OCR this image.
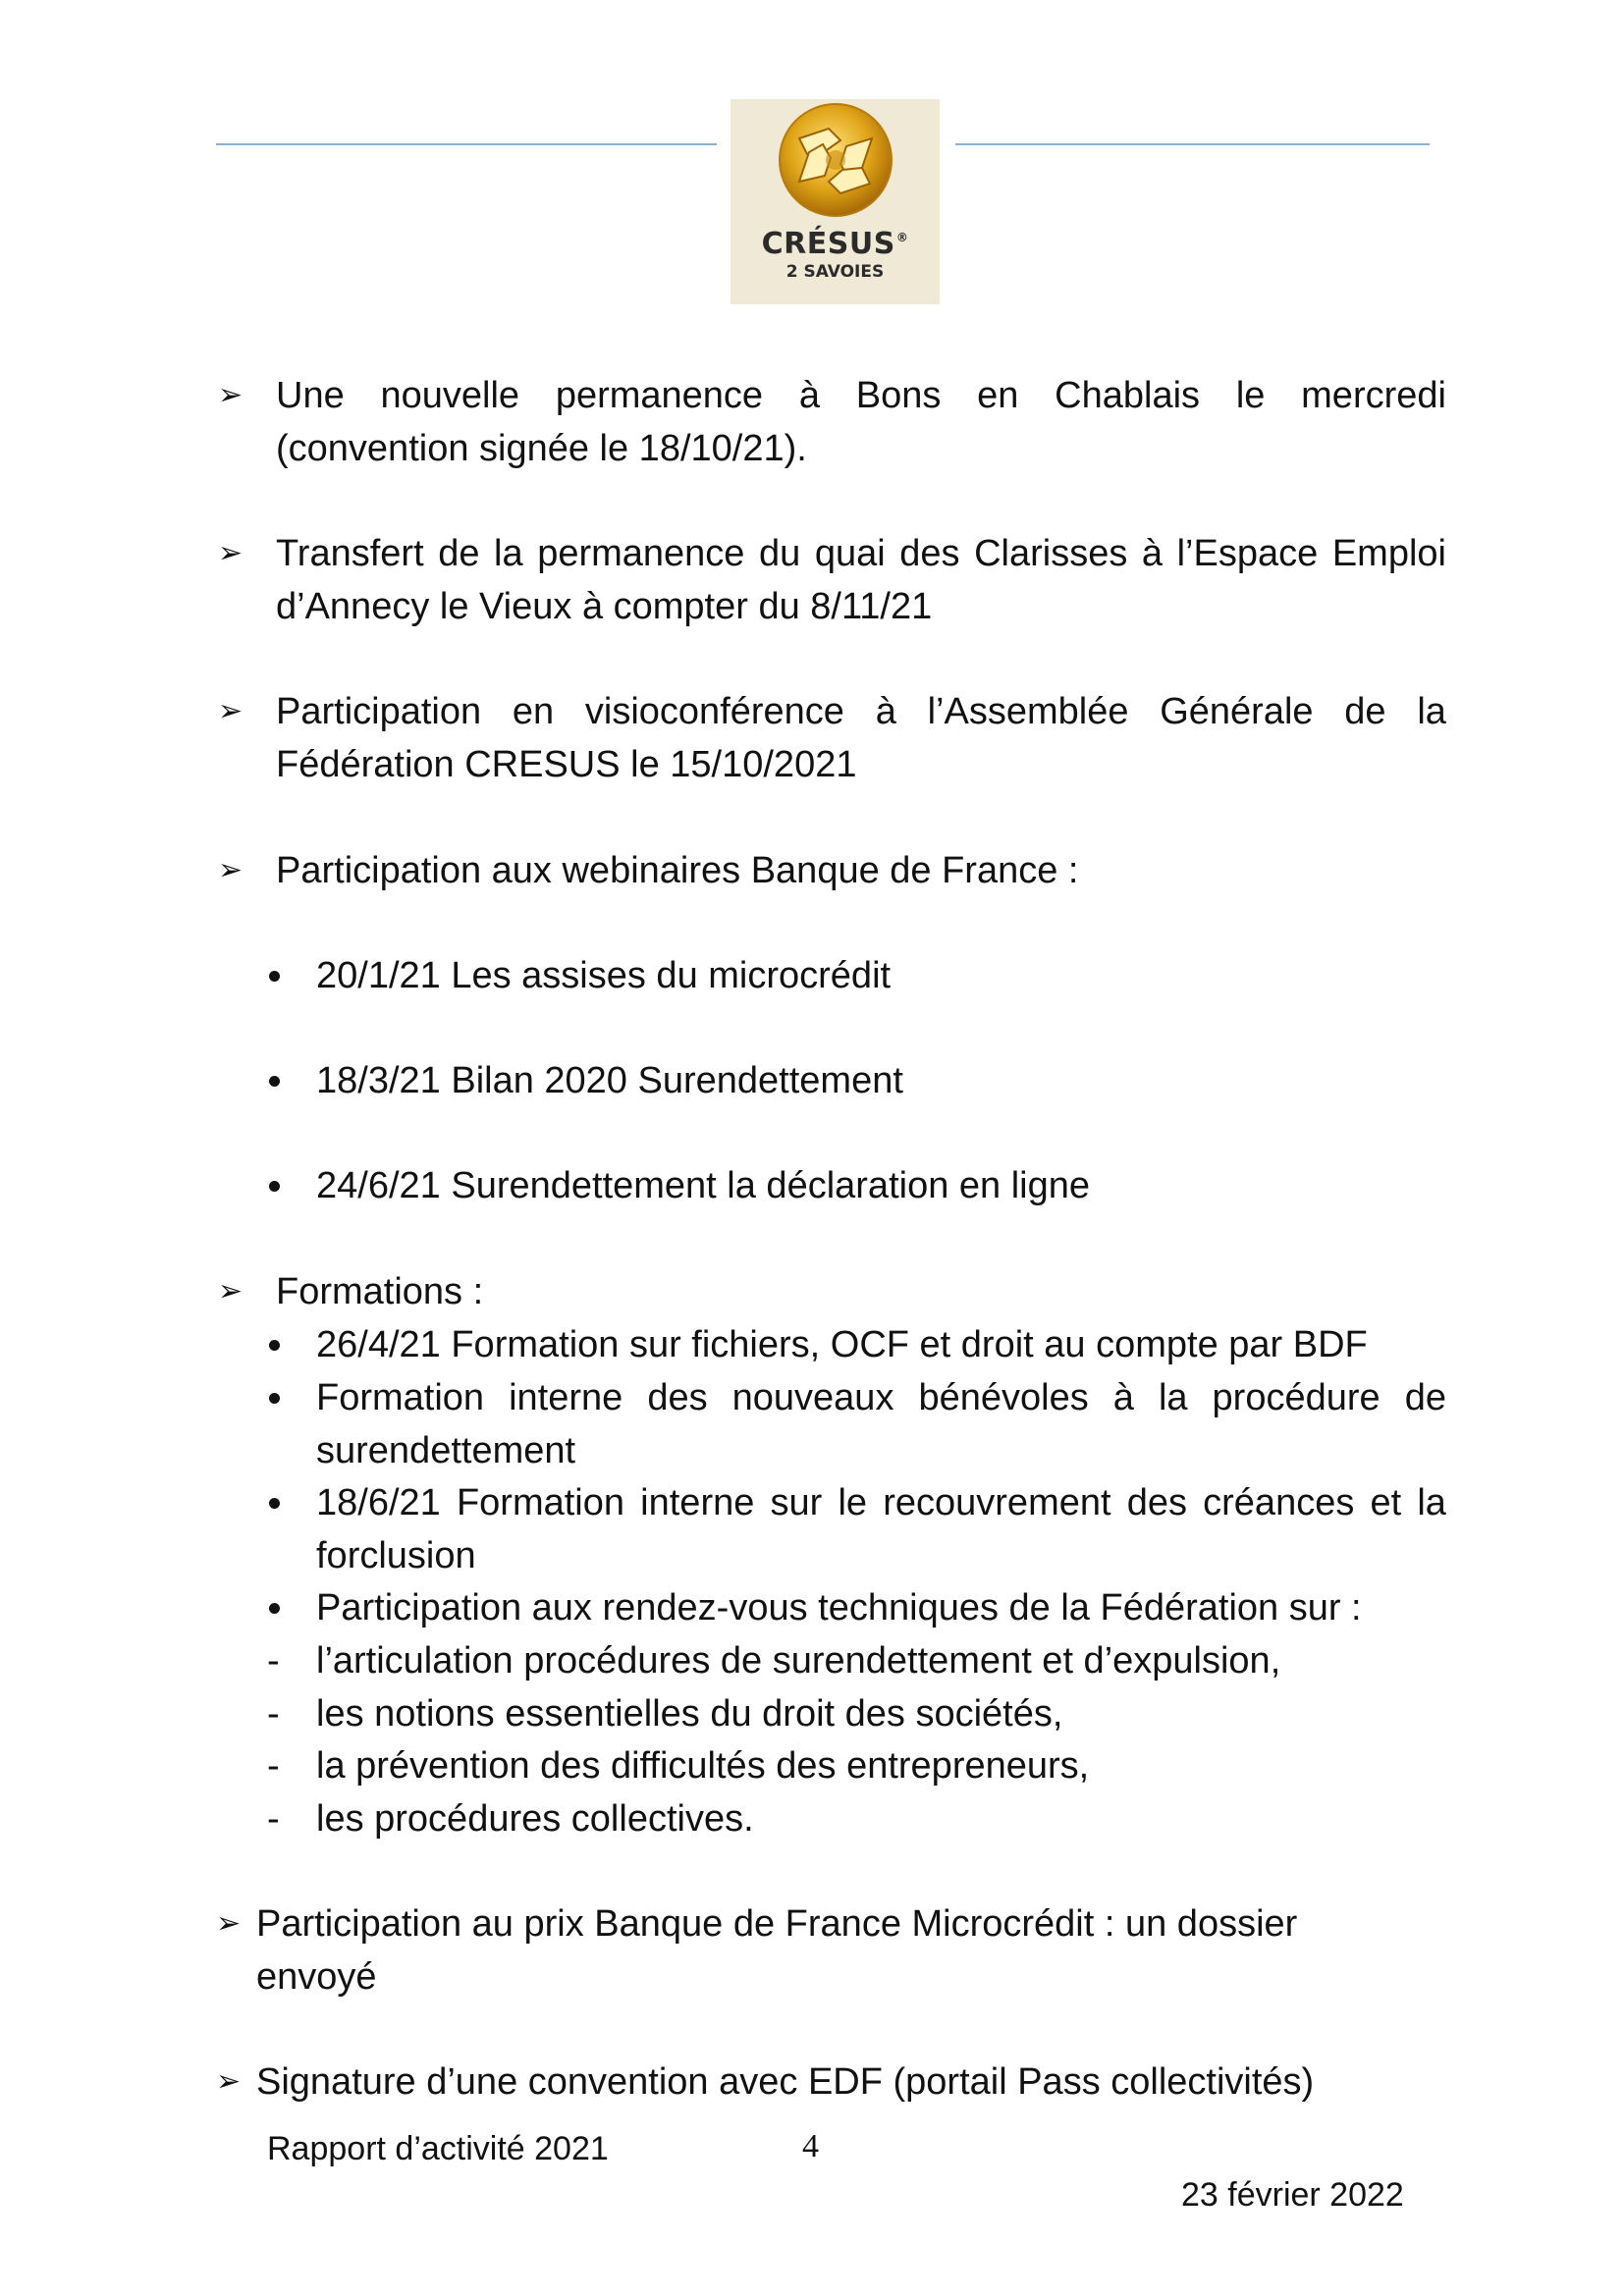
CRÉSUS®
2 SAVOIES
➢ Une nouvelle permanence à Bons en Chablais le mercredi
(convention signée le 18/10/21).
➢ Transfert de la permanence du quai des Clarisses à l’Espace Emploi
d’Annecy le Vieux à compter du 8/11/21
➢ Participation en visioconférence à l’Assemblée Générale de la
Fédération CRESUS le 15/10/2021
➢ Participation aux webinaires Banque de France :
20/1/21 Les assises du microcrédit
18/3/21 Bilan 2020 Surendettement
24/6/21 Surendettement la déclaration en ligne
➢ Formations :
26/4/21 Formation sur fichiers, OCF et droit au compte par BDF
Formation interne des nouveaux bénévoles à la procédure de
surendettement
18/6/21 Formation interne sur le recouvrement des créances et la
forclusion
Participation aux rendez-vous techniques de la Fédération sur :
- l’articulation procédures de surendettement et d’expulsion,
- les notions essentielles du droit des sociétés,
- la prévention des difficultés des entrepreneurs,
- les procédures collectives.
➢ Participation au prix Banque de France Microcrédit : un dossier
envoyé
➢ Signature d’une convention avec EDF (portail Pass collectivités)
Rapport d’activité 2021	4
23 février 2022
